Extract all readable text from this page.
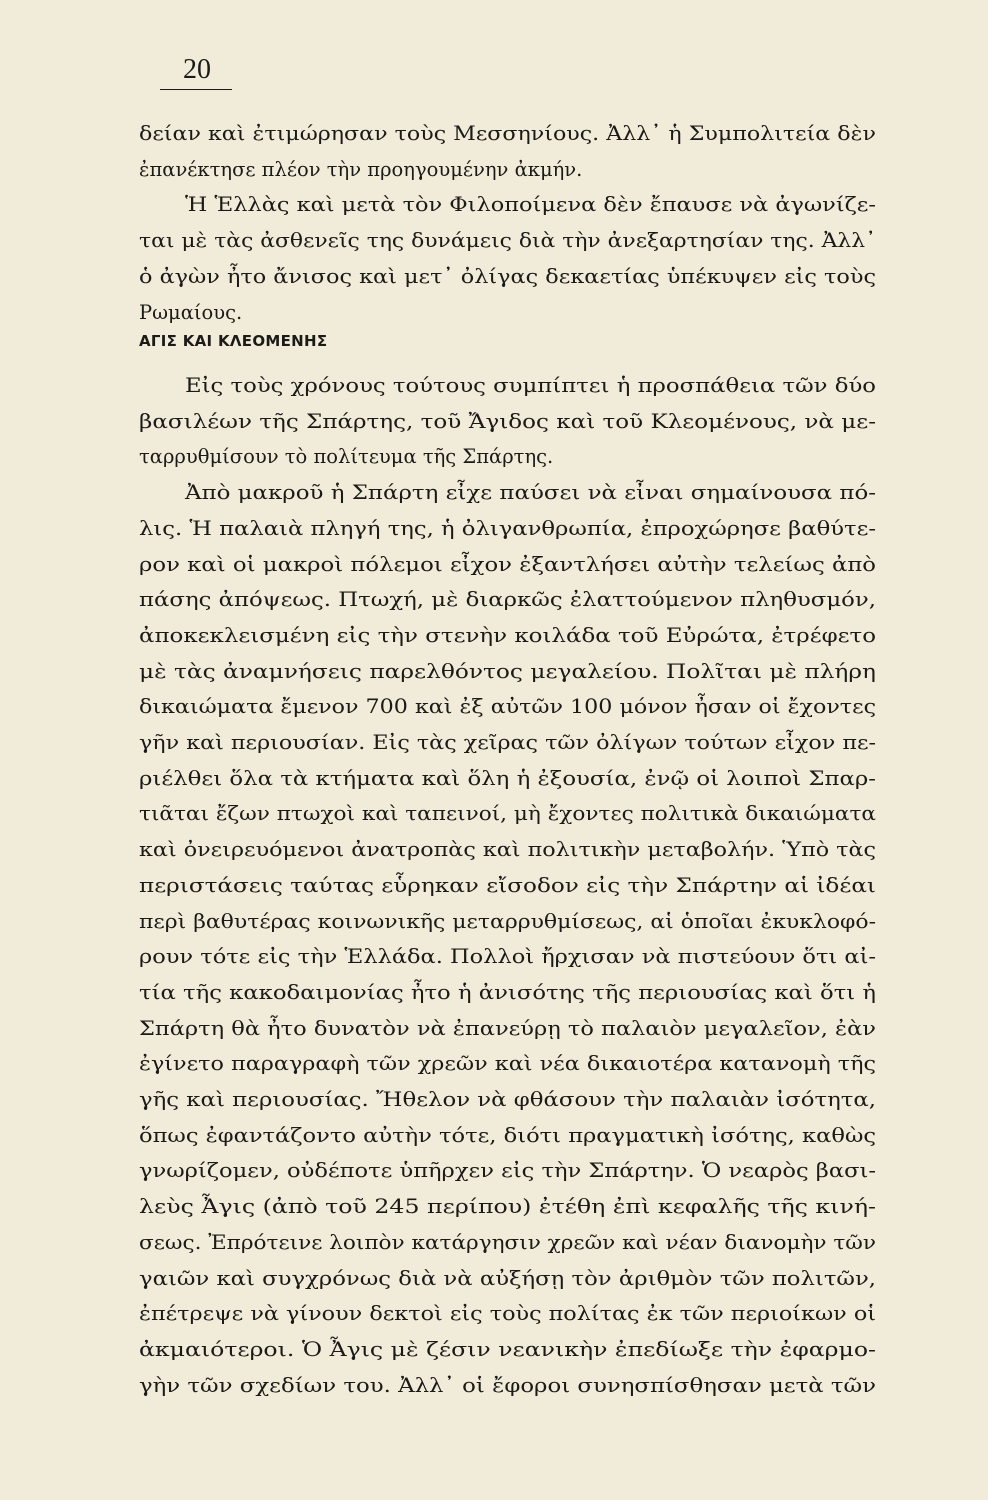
20
δείαν καὶ ἐτιμώρησαν τοὺς Μεσσηνίους. Ἀλλ᾿ ἡ Συμπολιτεία δὲν
ἐπανέκτησε πλέον τὴν προηγουμένην ἀκμήν.
Ἡ Ἑλλὰς καὶ μετὰ τὸν Φιλοποίμενα δὲν ἔπαυσε νὰ ἀγωνίζε-
ται μὲ τὰς ἀσθενεῖς της δυνάμεις διὰ τὴν ἀνεξαρτησίαν της. Ἀλλ᾿
ὁ ἀγὼν ἦτο ἄνισος καὶ μετ᾿ ὀλίγας δεκαετίας ὑπέκυψεν εἰς τοὺς
Ρωμαίους.
Εἰς τοὺς χρόνους τούτους συμπίπτει ἡ προσπάθεια τῶν δύο
βασιλέων τῆς Σπάρτης, τοῦ Ἄγιδος καὶ τοῦ Κλεομένους, νὰ με-
ταρρυθμίσουν τὸ πολίτευμα τῆς Σπάρτης.
Ἀπὸ μακροῦ ἡ Σπάρτη εἶχε παύσει νὰ εἶναι σημαίνουσα πό-
λις. Ἡ παλαιὰ πληγή της, ἡ ὀλιγανθρωπία, ἐπροχώρησε βαθύτε-
ρον καὶ οἱ μακροὶ πόλεμοι εἶχον ἐξαντλήσει αὐτὴν τελείως ἀπὸ
πάσης ἀπόψεως. Πτωχή, μὲ διαρκῶς ἐλαττούμενον πληθυσμόν,
ἀποκεκλεισμένη εἰς τὴν στενὴν κοιλάδα τοῦ Εὐρώτα, ἐτρέφετο
μὲ τὰς ἀναμνήσεις παρελθόντος μεγαλείου. Πολῖται μὲ πλήρη
δικαιώματα ἔμενον 700 καὶ ἐξ αὐτῶν 100 μόνον ἦσαν οἱ ἔχοντες
γῆν καὶ περιουσίαν. Εἰς τὰς χεῖρας τῶν ὀλίγων τούτων εἶχον πε-
ριέλθει ὅλα τὰ κτήματα καὶ ὅλη ἡ ἐξουσία, ἐνῷ οἱ λοιποὶ Σπαρ-
τιᾶται ἔζων πτωχοὶ καὶ ταπεινοί, μὴ ἔχοντες πολιτικὰ δικαιώματα
καὶ ὀνειρευόμενοι ἀνατροπὰς καὶ πολιτικὴν μεταβολήν. Ὑπὸ τὰς
περιστάσεις ταύτας εὗρηκαν εἴσοδον εἰς τὴν Σπάρτην αἱ ἰδέαι
περὶ βαθυτέρας κοινωνικῆς μεταρρυθμίσεως, αἱ ὁποῖαι ἐκυκλοφό-
ρουν τότε εἰς τὴν Ἑλλάδα. Πολλοὶ ἤρχισαν νὰ πιστεύουν ὅτι αἰ-
τία τῆς κακοδαιμονίας ἦτο ἡ ἀνισότης τῆς περιουσίας καὶ ὅτι ἡ
Σπάρτη θὰ ἦτο δυνατὸν νὰ ἐπανεύρῃ τὸ παλαιὸν μεγαλεῖον, ἐὰν
ἐγίνετο παραγραφὴ τῶν χρεῶν καὶ νέα δικαιοτέρα κατανομὴ τῆς
γῆς καὶ περιουσίας. Ἤθελον νὰ φθάσουν τὴν παλαιὰν ἰσότητα,
ὅπως ἐφαντάζοντο αὐτὴν τότε, διότι πραγματικὴ ἰσότης, καθὼς
γνωρίζομεν, οὐδέποτε ὑπῆρχεν εἰς τὴν Σπάρτην. Ὁ νεαρὸς βασι-
λεὺς Ἆγις (ἀπὸ τοῦ 245 περίπου) ἐτέθη ἐπὶ κεφαλῆς τῆς κινή-
σεως. Ἐπρότεινε λοιπὸν κατάργησιν χρεῶν καὶ νέαν διανομὴν τῶν
γαιῶν καὶ συγχρόνως διὰ νὰ αὐξήσῃ τὸν ἀριθμὸν τῶν πολιτῶν,
ἐπέτρεψε νὰ γίνουν δεκτοὶ εἰς τοὺς πολίτας ἐκ τῶν περιοίκων οἱ
ἀκμαιότεροι. Ὁ Ἆγις μὲ ζέσιν νεανικὴν ἐπεδίωξε τὴν ἐφαρμο-
γὴν τῶν σχεδίων του. Ἀλλ᾿ οἱ ἔφοροι συνησπίσθησαν μετὰ τῶν
ΑΓΙΣ ΚΑΙ ΚΛΕΟΜΕΝΗΣ
